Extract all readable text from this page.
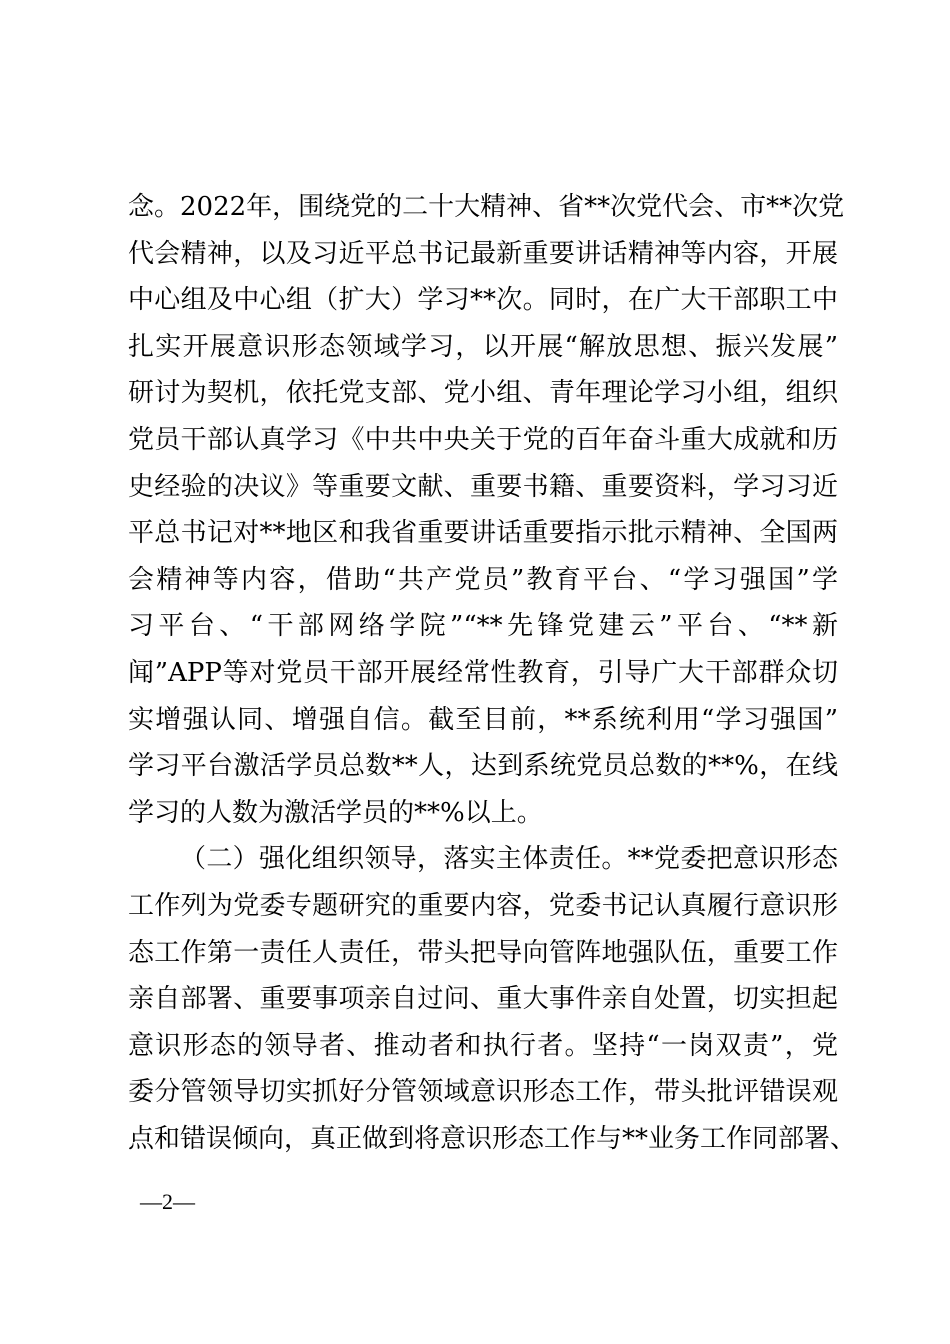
念。2022年，围绕党的二十大精神、省**次党代会、市**次党
代会精神，以及习近平总书记最新重要讲话精神等内容，开展
中心组及中心组（扩大）学习**次。同时，在广大干部职工中
扎实开展意识形态领域学习，以开展“解放思想、振兴发展”
研讨为契机，依托党支部、党小组、青年理论学习小组，组织
党员干部认真学习《中共中央关于党的百年奋斗重大成就和历
史经验的决议》等重要文献、重要书籍、重要资料，学习习近
平总书记对**地区和我省重要讲话重要指示批示精神、全国两
会精神等内容，借助“共产党员”教育平台、“学习强国”学
习平台、“干部网络学院”“**先锋党建云”平台、“**新
闻”APP等对党员干部开展经常性教育，引导广大干部群众切
实增强认同、增强自信。截至目前，**系统利用“学习强国”
学习平台激活学员总数**人，达到系统党员总数的**%，在线
学习的人数为激活学员的**%以上。
（二）强化组织领导，落实主体责任。**党委把意识形态
工作列为党委专题研究的重要内容，党委书记认真履行意识形
态工作第一责任人责任，带头把导向管阵地强队伍，重要工作
亲自部署、重要事项亲自过问、重大事件亲自处置，切实担起
意识形态的领导者、推动者和执行者。坚持“一岗双责”，党
委分管领导切实抓好分管领域意识形态工作，带头批评错误观
点和错误倾向，真正做到将意识形态工作与**业务工作同部署、
—2—
